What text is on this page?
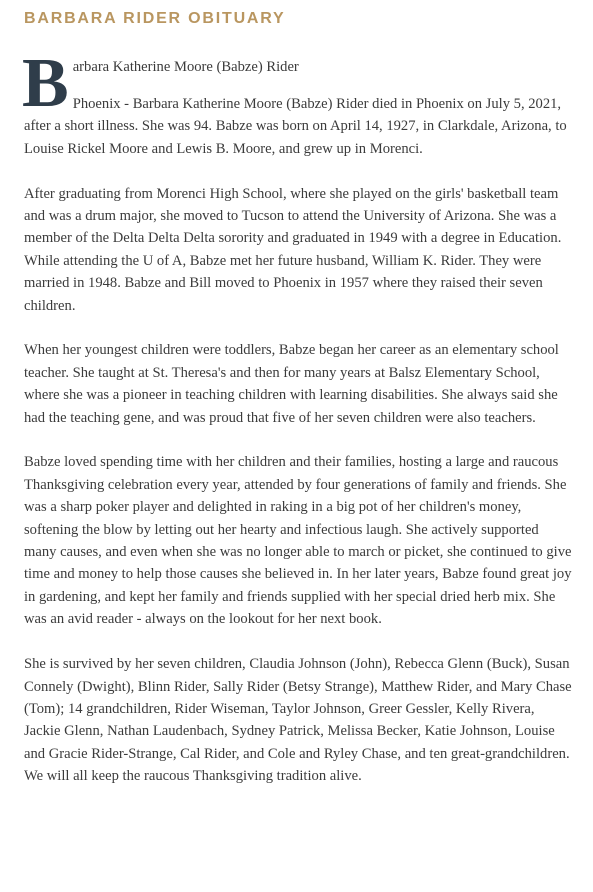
BARBARA RIDER OBITUARY

B arbara Katherine Moore (Babze) Rider
Phoenix - Barbara Katherine Moore (Babze) Rider died in Phoenix on July 5, 2021, after a short illness. She was 94. Babze was born on April 14, 1927, in Clarkdale, Arizona, to Louise Rickel Moore and Lewis B. Moore, and grew up in Morenci.

After graduating from Morenci High School, where she played on the girls' basketball team and was a drum major, she moved to Tucson to attend the University of Arizona. She was a member of the Delta Delta Delta sorority and graduated in 1949 with a degree in Education. While attending the U of A, Babze met her future husband, William K. Rider. They were married in 1948. Babze and Bill moved to Phoenix in 1957 where they raised their seven children.

When her youngest children were toddlers, Babze began her career as an elementary school teacher. She taught at St. Theresa's and then for many years at Balsz Elementary School, where she was a pioneer in teaching children with learning disabilities. She always said she had the teaching gene, and was proud that five of her seven children were also teachers.

Babze loved spending time with her children and their families, hosting a large and raucous Thanksgiving celebration every year, attended by four generations of family and friends. She was a sharp poker player and delighted in raking in a big pot of her children's money, softening the blow by letting out her hearty and infectious laugh. She actively supported many causes, and even when she was no longer able to march or picket, she continued to give time and money to help those causes she believed in. In her later years, Babze found great joy in gardening, and kept her family and friends supplied with her special dried herb mix. She was an avid reader - always on the lookout for her next book.

She is survived by her seven children, Claudia Johnson (John), Rebecca Glenn (Buck), Susan Connely (Dwight), Blinn Rider, Sally Rider (Betsy Strange), Matthew Rider, and Mary Chase (Tom); 14 grandchildren, Rider Wiseman, Taylor Johnson, Greer Gessler, Kelly Rivera, Jackie Glenn, Nathan Laudenbach, Sydney Patrick, Melissa Becker, Katie Johnson, Louise and Gracie Rider-Strange, Cal Rider, and Cole and Ryley Chase, and ten great-grandchildren. We will all keep the raucous Thanksgiving tradition alive.
